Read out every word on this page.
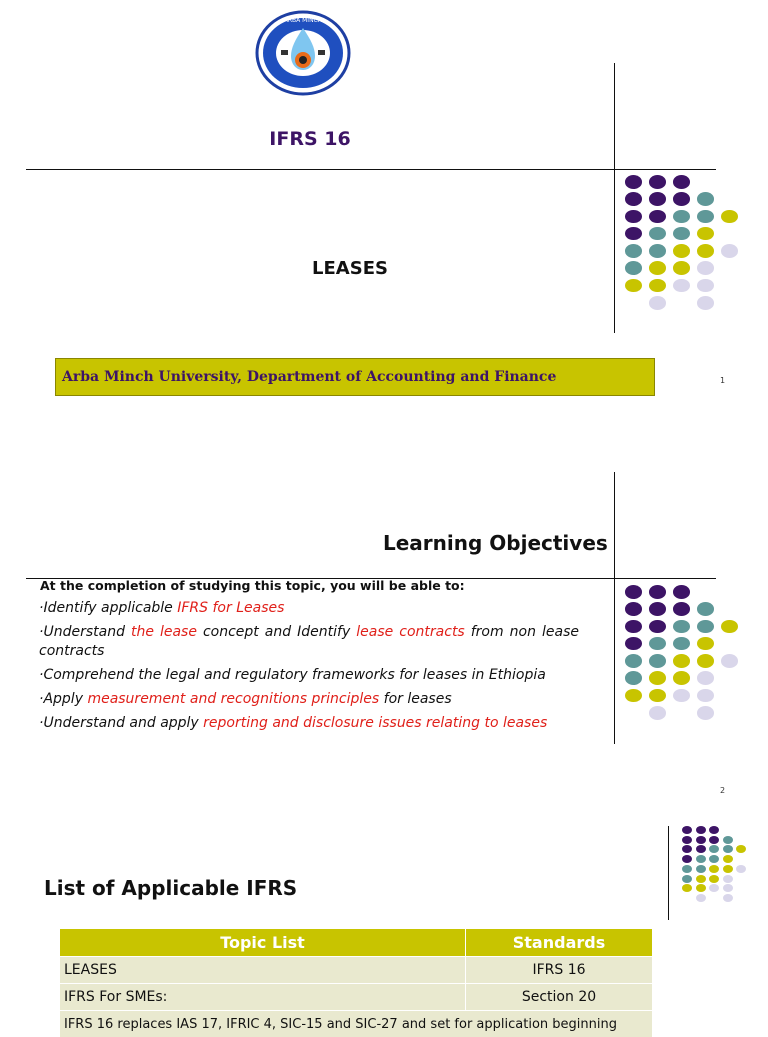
ARBA MINCH
IFRS 16
LEASES
Arba Minch University, Department of Accounting and Finance	1
Learning Objectives
At the completion of studying this topic, you will be able to:
·Identify applicable IFRS for Leases
·Understand the lease concept and Identify lease contracts from non lease contracts
·Comprehend the legal and regulatory frameworks for leases in Ethiopia
·Apply measurement and recognitions principles for leases
·Understand and apply reporting and disclosure issues relating to leases
2
List of Applicable IFRS
Topic List	Standards
LEASES	IFRS 16
IFRS For SMEs:	Section 20
IFRS 16 replaces IAS 17, IFRIC 4, SIC-15 and SIC-27 and set for application beginning	
